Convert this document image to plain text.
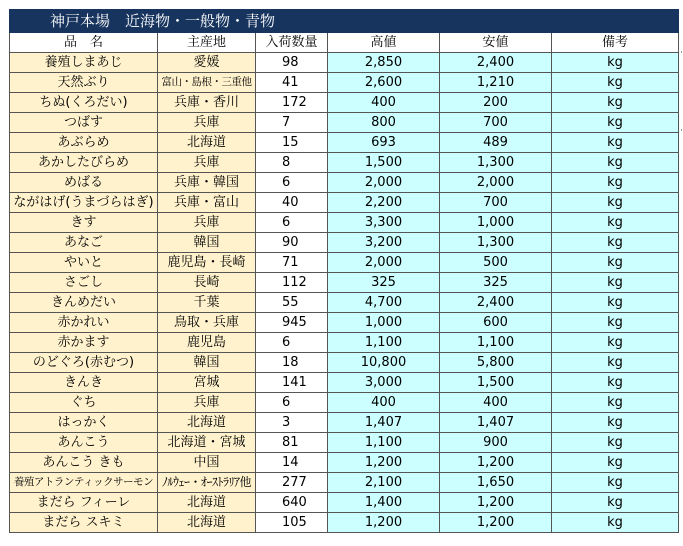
神戸本場　近海物・一般物・青物					
品　名	主産地	入荷数量	高値	安値	備考
養殖しまあじ	愛媛	98	2,850	2,400	kg
天然ぶり	富山・島根・三重他	41	2,600	1,210	kg
ちぬ(くろだい)	兵庫・香川	172	400	200	kg
つばす	兵庫	7	800	700	kg
あぶらめ	北海道	15	693	489	kg
あかしたびらめ	兵庫	8	1,500	1,300	kg
めばる	兵庫・韓国	6	2,000	2,000	kg
ながはげ(うまづらはぎ)	兵庫・富山	40	2,200	700	kg
きす	兵庫	6	3,300	1,000	kg
あなご	韓国	90	3,200	1,300	kg
やいと	鹿児島・長崎	71	2,000	500	kg
さごし	長崎	112	325	325	kg
きんめだい	千葉	55	4,700	2,400	kg
赤かれい	鳥取・兵庫	945	1,000	600	kg
赤かます	鹿児島	6	1,100	1,100	kg
のどぐろ(赤むつ)	韓国	18	10,800	5,800	kg
きんき	宮城	141	3,000	1,500	kg
ぐち	兵庫	6	400	400	kg
はっかく	北海道	3	1,407	1,407	kg
あんこう	北海道・宮城	81	1,100	900	kg
あんこう きも	中国	14	1,200	1,200	kg
養殖アトランティックサーモン	ﾉﾙｳｪｰ・ｵｰｽﾄﾗﾘｱ他	277	2,100	1,650	kg
まだら フィーレ	北海道	640	1,400	1,200	kg
まだら スキミ	北海道	105	1,200	1,200	kg
·
·
